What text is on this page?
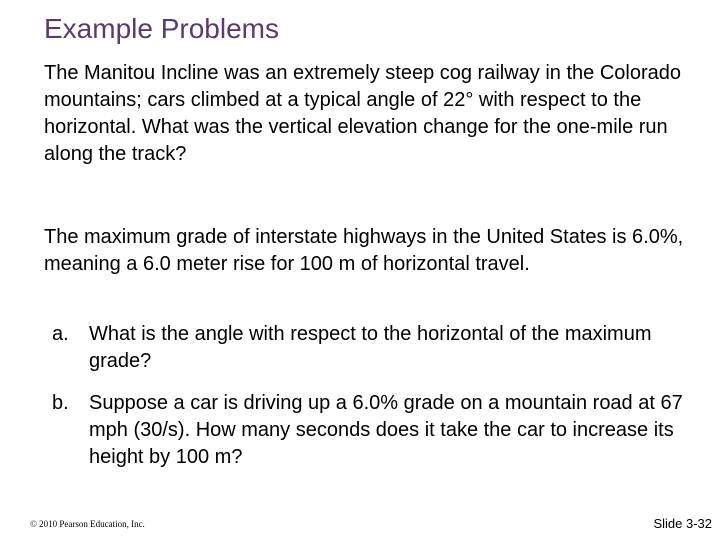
Example Problems

The Manitou Incline was an extremely steep cog railway in the Colorado mountains; cars climbed at a typical angle of 22° with respect to the horizontal. What was the vertical elevation change for the one-mile run along the track?

The maximum grade of interstate highways in the United States is 6.0%, meaning a 6.0 meter rise for 100 m of horizontal travel.

a.	What is the angle with respect to the horizontal of the maximum grade?
b.	Suppose a car is driving up a 6.0% grade on a mountain road at 67 mph (30/s). How many seconds does it take the car to increase its height by 100 m?
© 2010 Pearson Education, Inc.	Slide 3-32
